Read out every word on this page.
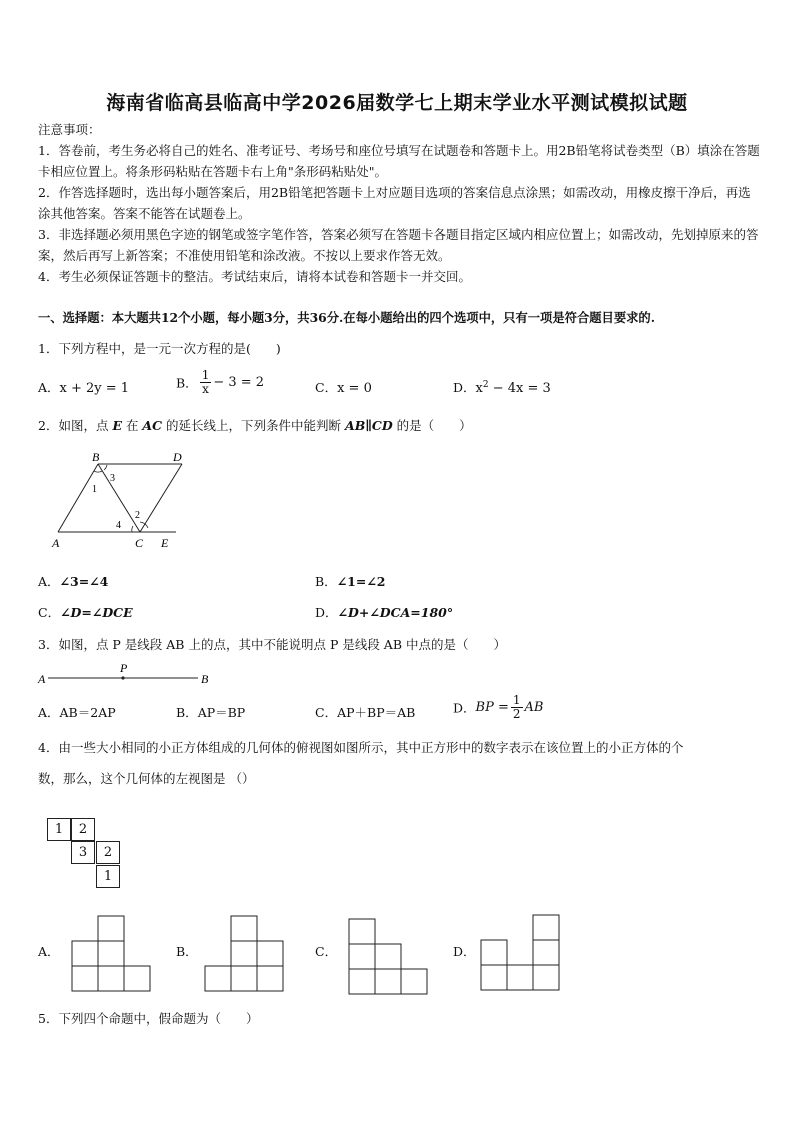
海南省临高县临高中学2026届数学七上期末学业水平测试模拟试题

注意事项：

1．答卷前，考生务必将自己的姓名、准考证号、考场号和座位号填写在试题卷和答题卡上。用2B铅笔将试卷类型（B）填涂在答题卡相应位置上。将条形码粘贴在答题卡右上角"条形码粘贴处"。

2．作答选择题时，选出每小题答案后，用2B铅笔把答题卡上对应题目选项的答案信息点涂黑；如需改动，用橡皮擦干净后，再选涂其他答案。答案不能答在试题卷上。

3．非选择题必须用黑色字迹的钢笔或签字笔作答，答案必须写在答题卡各题目指定区域内相应位置上；如需改动，先划掉原来的答案，然后再写上新答案；不准使用铅笔和涂改液。不按以上要求作答无效。

4．考生必须保证答题卡的整洁。考试结束后，请将本试卷和答题卡一并交回。

一、选择题：本大题共12个小题，每小题3分，共36分.在每小题给出的四个选项中，只有一项是符合题目要求的.
1．下列方程中，是一元一次方程的是(　　)
A．x + 2y = 1	B． $\frac{1}{x} - 3 = 2$	C．x = 0	D．$x^2 - 4x = 3$
2．如图，点 E 在 AC 的延长线上，下列条件中能判断 AB∥CD 的是（　　）
B	D
A	C E
1
3
4
2
A．∠3=∠4	B．∠1=∠2
C．∠D=∠DCE	D．∠D+∠DCA=180°
3．如图，点 P 是线段 AB 上的点，其中不能说明点 P 是线段 AB 中点的是（　　）
A
P
B
A．AB＝2AP	B．AP＝BP	C．AP＋BP＝AB	D．BP = $\frac{1}{2}$ AB
4．由一些大小相同的小正方体组成的几何体的俯视图如图所示，其中正方形中的数字表示在该位置上的小正方体的个
数，那么，这个几何体的左视图是 （）
1	2
3	2
1
A．	B．	C．	D．
5．下列四个命题中，假命题为（　　）
